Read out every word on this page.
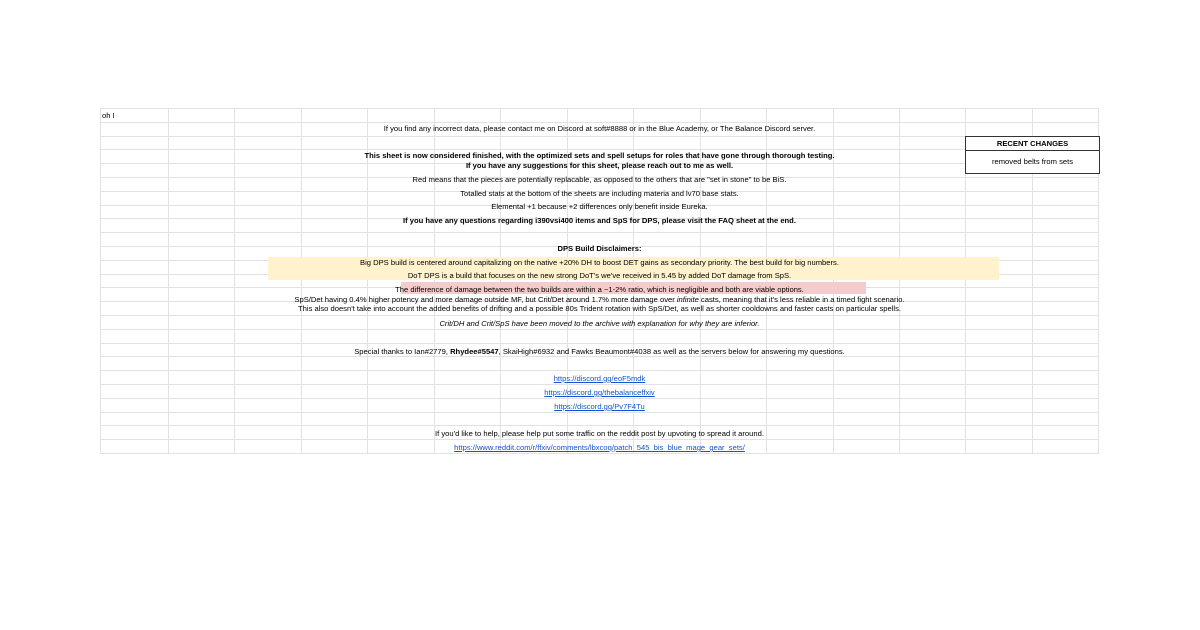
oh I
If you find any incorrect data, please contact me on Discord at soft#8888 or in the Blue Academy, or The Balance Discord server.
This sheet is now considered finished, with the optimized sets and spell setups for roles that have gone through thorough testing.
If you have any suggestions for this sheet, please reach out to me as well.
Red means that the pieces are potentially replacable, as opposed to the others that are "set in stone" to be BiS.
Totalled stats at the bottom of the sheets are including materia and lv70 base stats.
Elemental +1 because +2 differences only benefit inside Eureka.
If you have any questions regarding i390vsi400 items and SpS for DPS, please visit the FAQ sheet at the end.
DPS Build Disclaimers:
Big DPS build is centered around capitalizing on the native +20% DH to boost DET gains as secondary priority. The best build for big numbers.
DoT DPS is a build that focuses on the new strong DoT's we've received in 5.45 by added DoT damage from SpS.
The difference of damage between the two builds are within a ~1-2% ratio, which is negligible and both are viable options.
SpS/Det having 0.4% higher potency and more damage outside MF, but Crit/Det around 1.7% more damage over infinite casts, meaning that it's less reliable in a timed fight scenario.
This also doesn't take into account the added benefits of drifting and a possible 80s Trident rotation with SpS/Det, as well as shorter cooldowns and faster casts on particular spells.
Crit/DH and Crit/SpS have been moved to the archive with explanation for why they are inferior.
Special thanks to Ian#2779, Rhydee#5547, SkaiHigh#6932 and Fawks Beaumont#4038 as well as the servers below for answering my questions.
https://discord.gg/eoF5mdk
https://discord.gg/thebalanceffxiv
https://discord.gg/Pv7F4Tu
If you'd like to help, please help put some traffic on the reddit post by upvoting to spread it around.
https://www.reddit.com/r/ffxiv/comments/lbxcoq/patch_545_bis_blue_mage_gear_sets/
RECENT CHANGES
removed belts from sets
